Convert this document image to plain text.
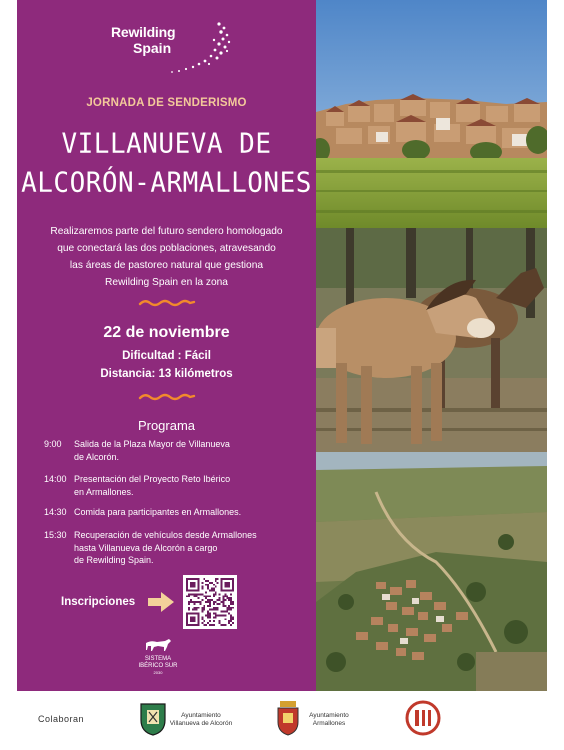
Rewilding
Spain
JORNADA DE SENDERISMO
VILLANUEVA DE
ALCORÓN-ARMALLONES
Realizaremos parte del futuro sendero homologado
que conectará las dos poblaciones, atravesando
las áreas de pastoreo natural que gestiona
Rewilding Spain en la zona
22 de noviembre
Dificultad : Fácil
Distancia: 13 kilómetros
Programa
9:00	Salida de la Plaza Mayor de Villanueva
de Alcorón.
14:00 Presentación del Proyecto Reto Ibérico
en Armallones.
14:30 Comida para participantes en Armallones.
15:30 Recuperación de vehículos desde Armallones
hasta Villanueva de Alcorón a cargo
de Rewilding Spain.
Inscripciones
SISTEMA
IBÉRICO SUR
2030
Colaboran	Ayuntamiento
Villanueva de Alcorón
Ayuntamiento
Armallones
